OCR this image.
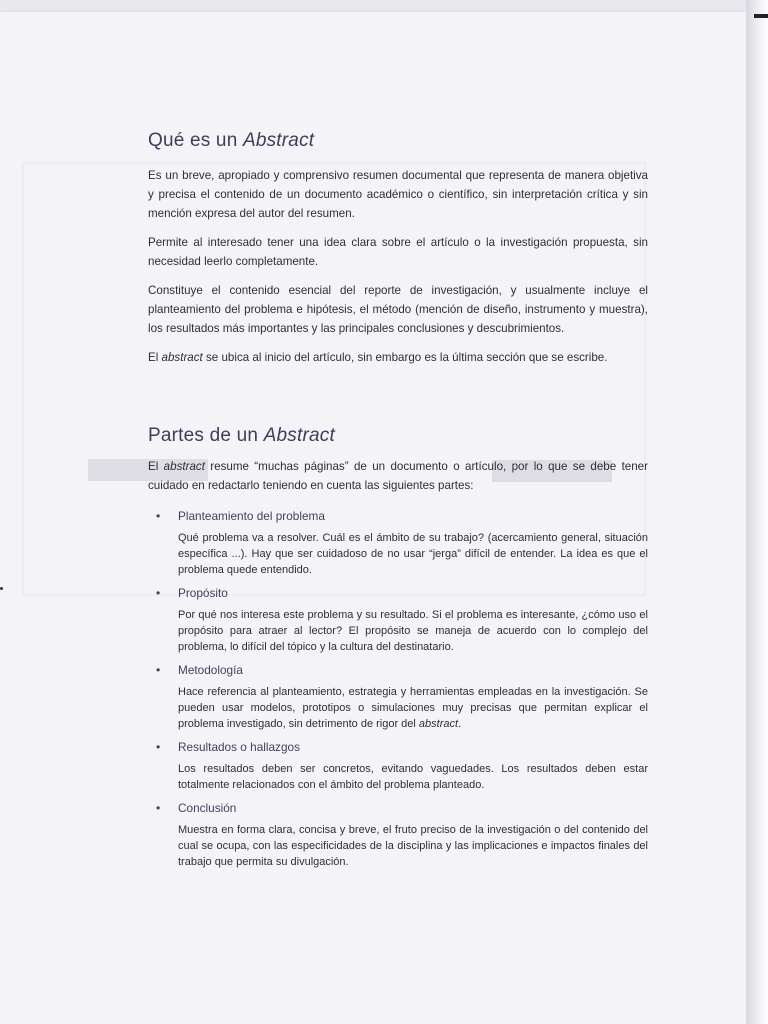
Qué es un Abstract

Es un breve, apropiado y comprensivo resumen documental que representa de manera objetiva y precisa el contenido de un documento académico o científico, sin interpretación crítica y sin mención expresa del autor del resumen.

Permite al interesado tener una idea clara sobre el artículo o la investigación propuesta, sin necesidad leerlo completamente.

Constituye el contenido esencial del reporte de investigación, y usualmente incluye el planteamiento del problema e hipótesis, el método (mención de diseño, instrumento y muestra), los resultados más importantes y las principales conclusiones y descubrimientos.

El abstract se ubica al inicio del artículo, sin embargo es la última sección que se escribe.

Partes de un Abstract

El abstract resume “muchas páginas” de un documento o artículo, por lo que se debe tener cuidado en redactarlo teniendo en cuenta las siguientes partes:

• Planteamiento del problema
Qué problema va a resolver. Cuál es el ámbito de su trabajo? (acercamiento general, situación específica ...). Hay que ser cuidadoso de no usar “jerga” difícil de entender. La idea es que el problema quede entendido.
• Propósito
Por qué nos interesa este problema y su resultado. Si el problema es interesante, ¿cómo uso el propósito para atraer al lector? El propósito se maneja de acuerdo con lo complejo del problema, lo difícil del tópico y la cultura del destinatario.
• Metodología
Hace referencia al planteamiento, estrategia y herramientas empleadas en la investigación. Se pueden usar modelos, prototipos o simulaciones muy precisas que permitan explicar el problema investigado, sin detrimento de rigor del abstract.
• Resultados o hallazgos
Los resultados deben ser concretos, evitando vaguedades. Los resultados deben estar totalmente relacionados con el ámbito del problema planteado.
• Conclusión
Muestra en forma clara, concisa y breve, el fruto preciso de la investigación o del contenido del cual se ocupa, con las especificidades de la disciplina y las implicaciones e impactos finales del trabajo que permita su divulgación.
